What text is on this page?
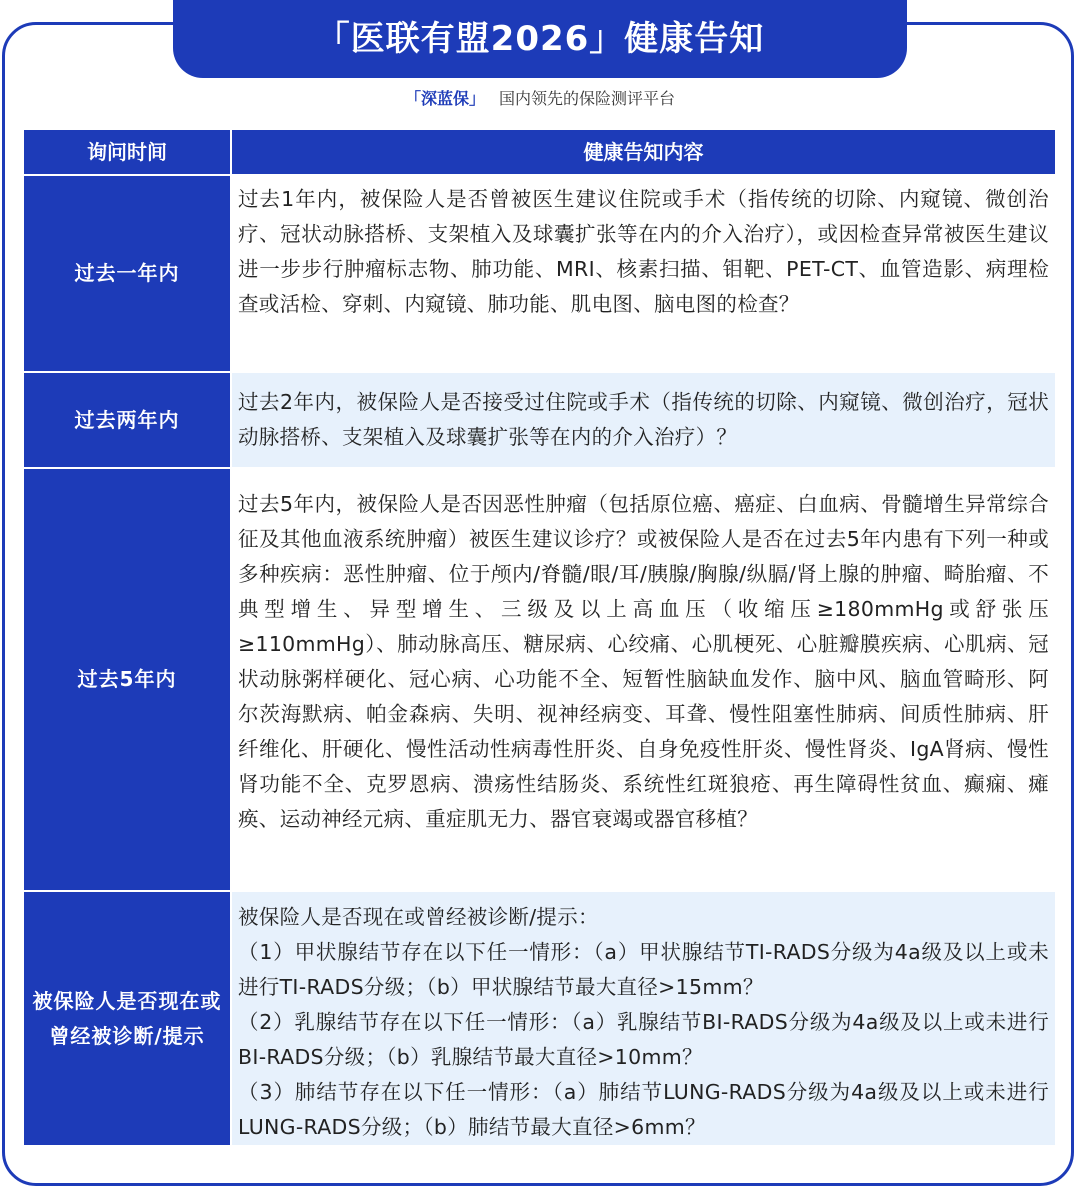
「医联有盟2026」健康告知
「深蓝保」 国内领先的保险测评平台
询问时间	健康告知内容
过去一年内
过去1年内，被保险人是否曾被医生建议住院或手术（指传统的切除、内窥镜、微创治疗、冠状动脉搭桥、支架植入及球囊扩张等在内的介入治疗），或因检查异常被医生建议进一步步行肿瘤标志物、肺功能、MRI、核素扫描、钼靶、PET-CT、血管造影、病理检查或活检、穿刺、内窥镜、肺功能、肌电图、脑电图的检查？
过去两年内
过去2年内，被保险人是否接受过住院或手术（指传统的切除、内窥镜、微创治疗，冠状动脉搭桥、支架植入及球囊扩张等在内的介入治疗）？
过去5年内
过去5年内，被保险人是否因恶性肿瘤（包括原位癌、癌症、白血病、骨髓增生异常综合征及其他血液系统肿瘤）被医生建议诊疗？或被保险人是否在过去5年内患有下列一种或多种疾病：恶性肿瘤、位于颅内/脊髓/眼/耳/胰腺/胸腺/纵膈/肾上腺的肿瘤、畸胎瘤、不典型增生、异型增生、三级及以上高血压（收缩压≥180mmHg或舒张压≥110mmHg）、肺动脉高压、糖尿病、心绞痛、心肌梗死、心脏瓣膜疾病、心肌病、冠状动脉粥样硬化、冠心病、心功能不全、短暂性脑缺血发作、脑中风、脑血管畸形、阿尔茨海默病、帕金森病、失明、视神经病变、耳聋、慢性阻塞性肺病、间质性肺病、肝纤维化、肝硬化、慢性活动性病毒性肝炎、自身免疫性肝炎、慢性肾炎、IgA肾病、慢性肾功能不全、克罗恩病、溃疡性结肠炎、系统性红斑狼疮、再生障碍性贫血、癫痫、瘫痪、运动神经元病、重症肌无力、器官衰竭或器官移植？
被保险人是否现在或曾经被诊断/提示
被保险人是否现在或曾经被诊断/提示：
（1）甲状腺结节存在以下任一情形：（a）甲状腺结节TI-RADS分级为4a级及以上或未进行TI-RADS分级；（b）甲状腺结节最大直径>15mm？
（2）乳腺结节存在以下任一情形：（a）乳腺结节BI-RADS分级为4a级及以上或未进行BI-RADS分级；（b）乳腺结节最大直径>10mm？
（3）肺结节存在以下任一情形：（a）肺结节LUNG-RADS分级为4a级及以上或未进行LUNG-RADS分级；（b）肺结节最大直径>6mm？
